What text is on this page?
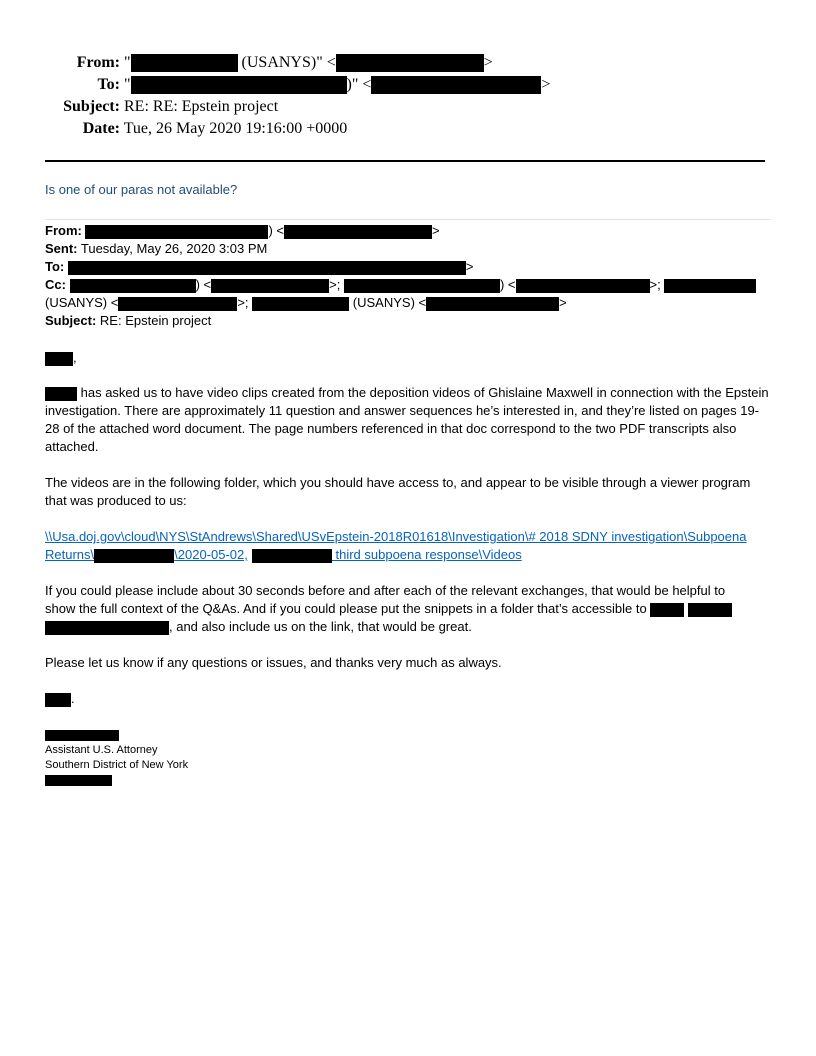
From: "	(USANYS)" <	>
To: "	)" <	>
Subject: RE: RE: Epstein project
Date: Tue, 26 May 2020 19:16:00 +0000
Is one of our paras not available?
From:	) <	>
Sent: Tuesday, May 26, 2020 3:03 PM
To:	>
Cc:	) <	>;	) <	>;
(USANYS) <	>;	(USANYS) <	>
Subject: RE: Epstein project
,
has asked us to have video clips created from the deposition videos of Ghislaine Maxwell in connection with the Epstein investigation. There are approximately 11 question and answer sequences he’s interested in, and they’re listed on pages 19-28 of the attached word document. The page numbers referenced in that doc correspond to the two PDF transcripts also attached.
The videos are in the following folder, which you should have access to, and appear to be visible through a viewer program that was produced to us:
\\Usa.doj.gov\cloud\NYS\StAndrews\Shared\USvEpstein-2018R01618\Investigation\# 2018 SDNY investigation\Subpoena
Returns\	\2020-05-02,	third subpoena response\Videos
If you could please include about 30 seconds before and after each of the relevant exchanges, that would be helpful to
show the full context of the Q&As. And if you could please put the snippets in a folder that’s accessible to
, and also include us on the link, that would be great.
Please let us know if any questions or issues, and thanks very much as always.
.
Assistant U.S. Attorney
Southern District of New York
